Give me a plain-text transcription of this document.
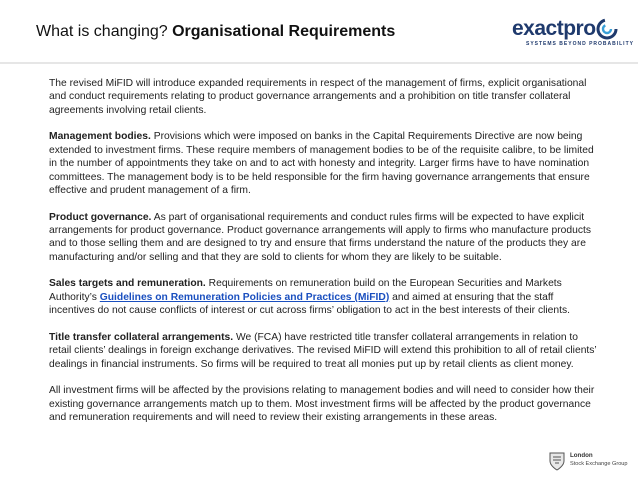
What is changing? Organisational Requirements	exactpro
SYSTEMS BEYOND PROBABILITY

The revised MiFID will introduce expanded requirements in respect of the management of firms, explicit organisational and conduct requirements relating to product governance arrangements and a prohibition on title transfer collateral agreements involving retail clients.

Management bodies. Provisions which were imposed on banks in the Capital Requirements Directive are now being extended to investment firms. These require members of management bodies to be of the requisite calibre, to be limited in the number of appointments they take on and to act with honesty and integrity. Larger firms have to have nomination committees. The management body is to be held responsible for the firm having governance arrangements that ensure effective and prudent management of a firm.

Product governance. As part of organisational requirements and conduct rules firms will be expected to have explicit arrangements for product governance. Product governance arrangements will apply to firms who manufacture products and to those selling them and are designed to try and ensure that firms understand the nature of the products they are manufacturing and/or selling and that they are sold to clients for whom they are likely to be suitable.

Sales targets and remuneration. Requirements on remuneration build on the European Securities and Markets Authority’s Guidelines on Remuneration Policies and Practices (MiFID) and aimed at ensuring that the staff incentives do not cause conflicts of interest or cut across firms’ obligation to act in the best interests of their clients.

Title transfer collateral arrangements. We (FCA) have restricted title transfer collateral arrangements in relation to retail clients’ dealings in foreign exchange derivatives. The revised MiFID will extend this prohibition to all of retail clients’ dealings in financial instruments. So firms will be required to treat all monies put up by retail clients as client money.

All investment firms will be affected by the provisions relating to management bodies and will need to consider how their existing governance arrangements match up to them. Most investment firms will be affected by the product governance and remuneration requirements and will need to review their existing arrangements in these areas.

London
Stock Exchange Group
